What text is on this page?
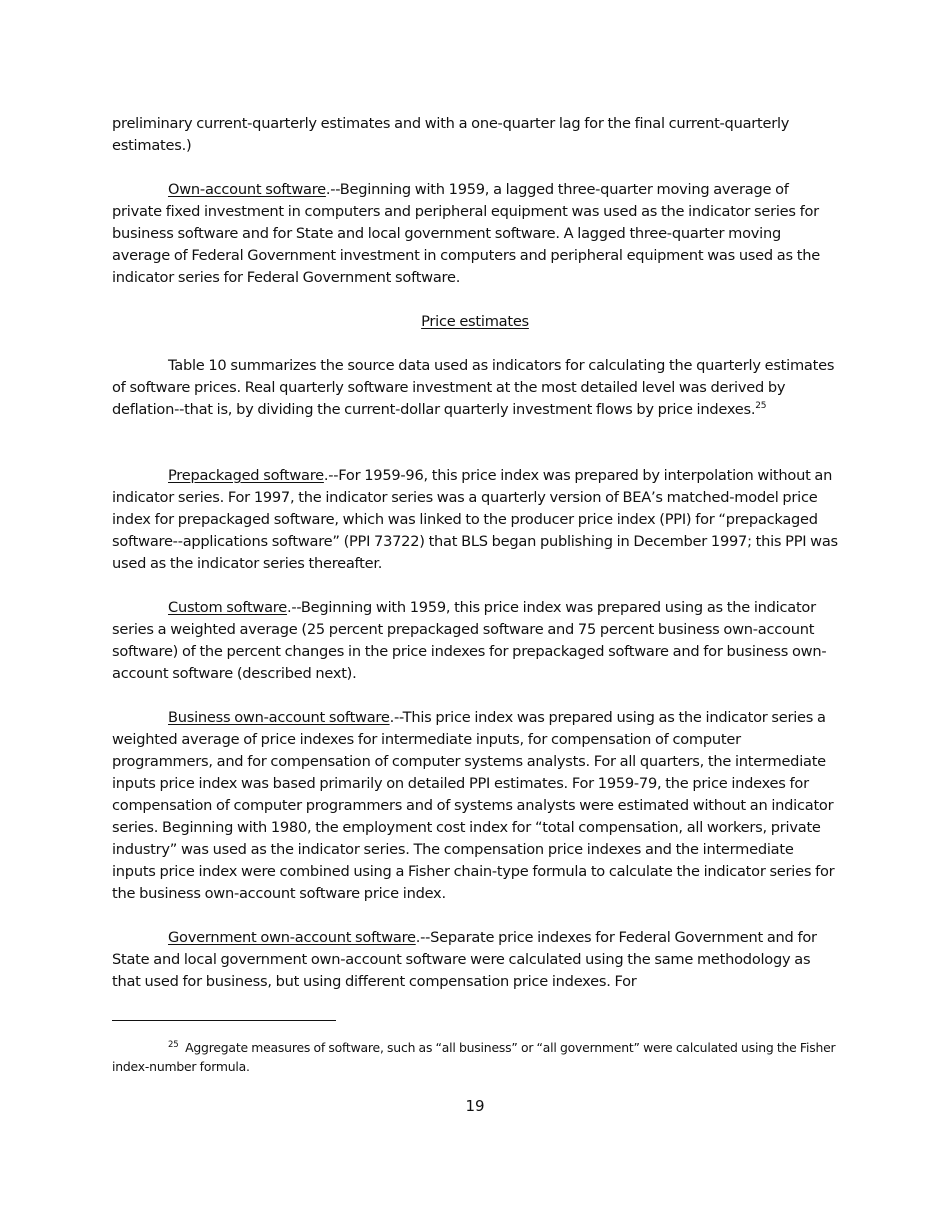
preliminary current-quarterly estimates and with a one-quarter lag for the final current-quarterly estimates.)

Own-account software.--Beginning with 1959, a lagged three-quarter moving average of private fixed investment in computers and peripheral equipment was used as the indicator series for business software and for State and local government software. A lagged three-quarter moving average of Federal Government investment in computers and peripheral equipment was used as the indicator series for Federal Government software.

Price estimates

Table 10 summarizes the source data used as indicators for calculating the quarterly estimates of software prices. Real quarterly software investment at the most detailed level was derived by deflation--that is, by dividing the current-dollar quarterly investment flows by price indexes.$^{25}$

Prepackaged software.--For 1959-96, this price index was prepared by interpolation without an indicator series. For 1997, the indicator series was a quarterly version of BEA’s matched-model price index for prepackaged software, which was linked to the producer price index (PPI) for “prepackaged software--applications software” (PPI 73722) that BLS began publishing in December 1997; this PPI was used as the indicator series thereafter.

Custom software.--Beginning with 1959, this price index was prepared using as the indicator series a weighted average (25 percent prepackaged software and 75 percent business own-account software) of the percent changes in the price indexes for prepackaged software and for business own-account software (described next).

Business own-account software.--This price index was prepared using as the indicator series a weighted average of price indexes for intermediate inputs, for compensation of computer programmers, and for compensation of computer systems analysts. For all quarters, the intermediate inputs price index was based primarily on detailed PPI estimates. For 1959-79, the price indexes for compensation of computer programmers and of systems analysts were estimated without an indicator series. Beginning with 1980, the employment cost index for “total compensation, all workers, private industry” was used as the indicator series. The compensation price indexes and the intermediate inputs price index were combined using a Fisher chain-type formula to calculate the indicator series for the business own-account software price index.

Government own-account software.--Separate price indexes for Federal Government and for State and local government own-account software were calculated using the same methodology as that used for business, but using different compensation price indexes. For

$^{25}$ Aggregate measures of software, such as “all business” or “all government” were calculated using the Fisher index-number formula.
19
